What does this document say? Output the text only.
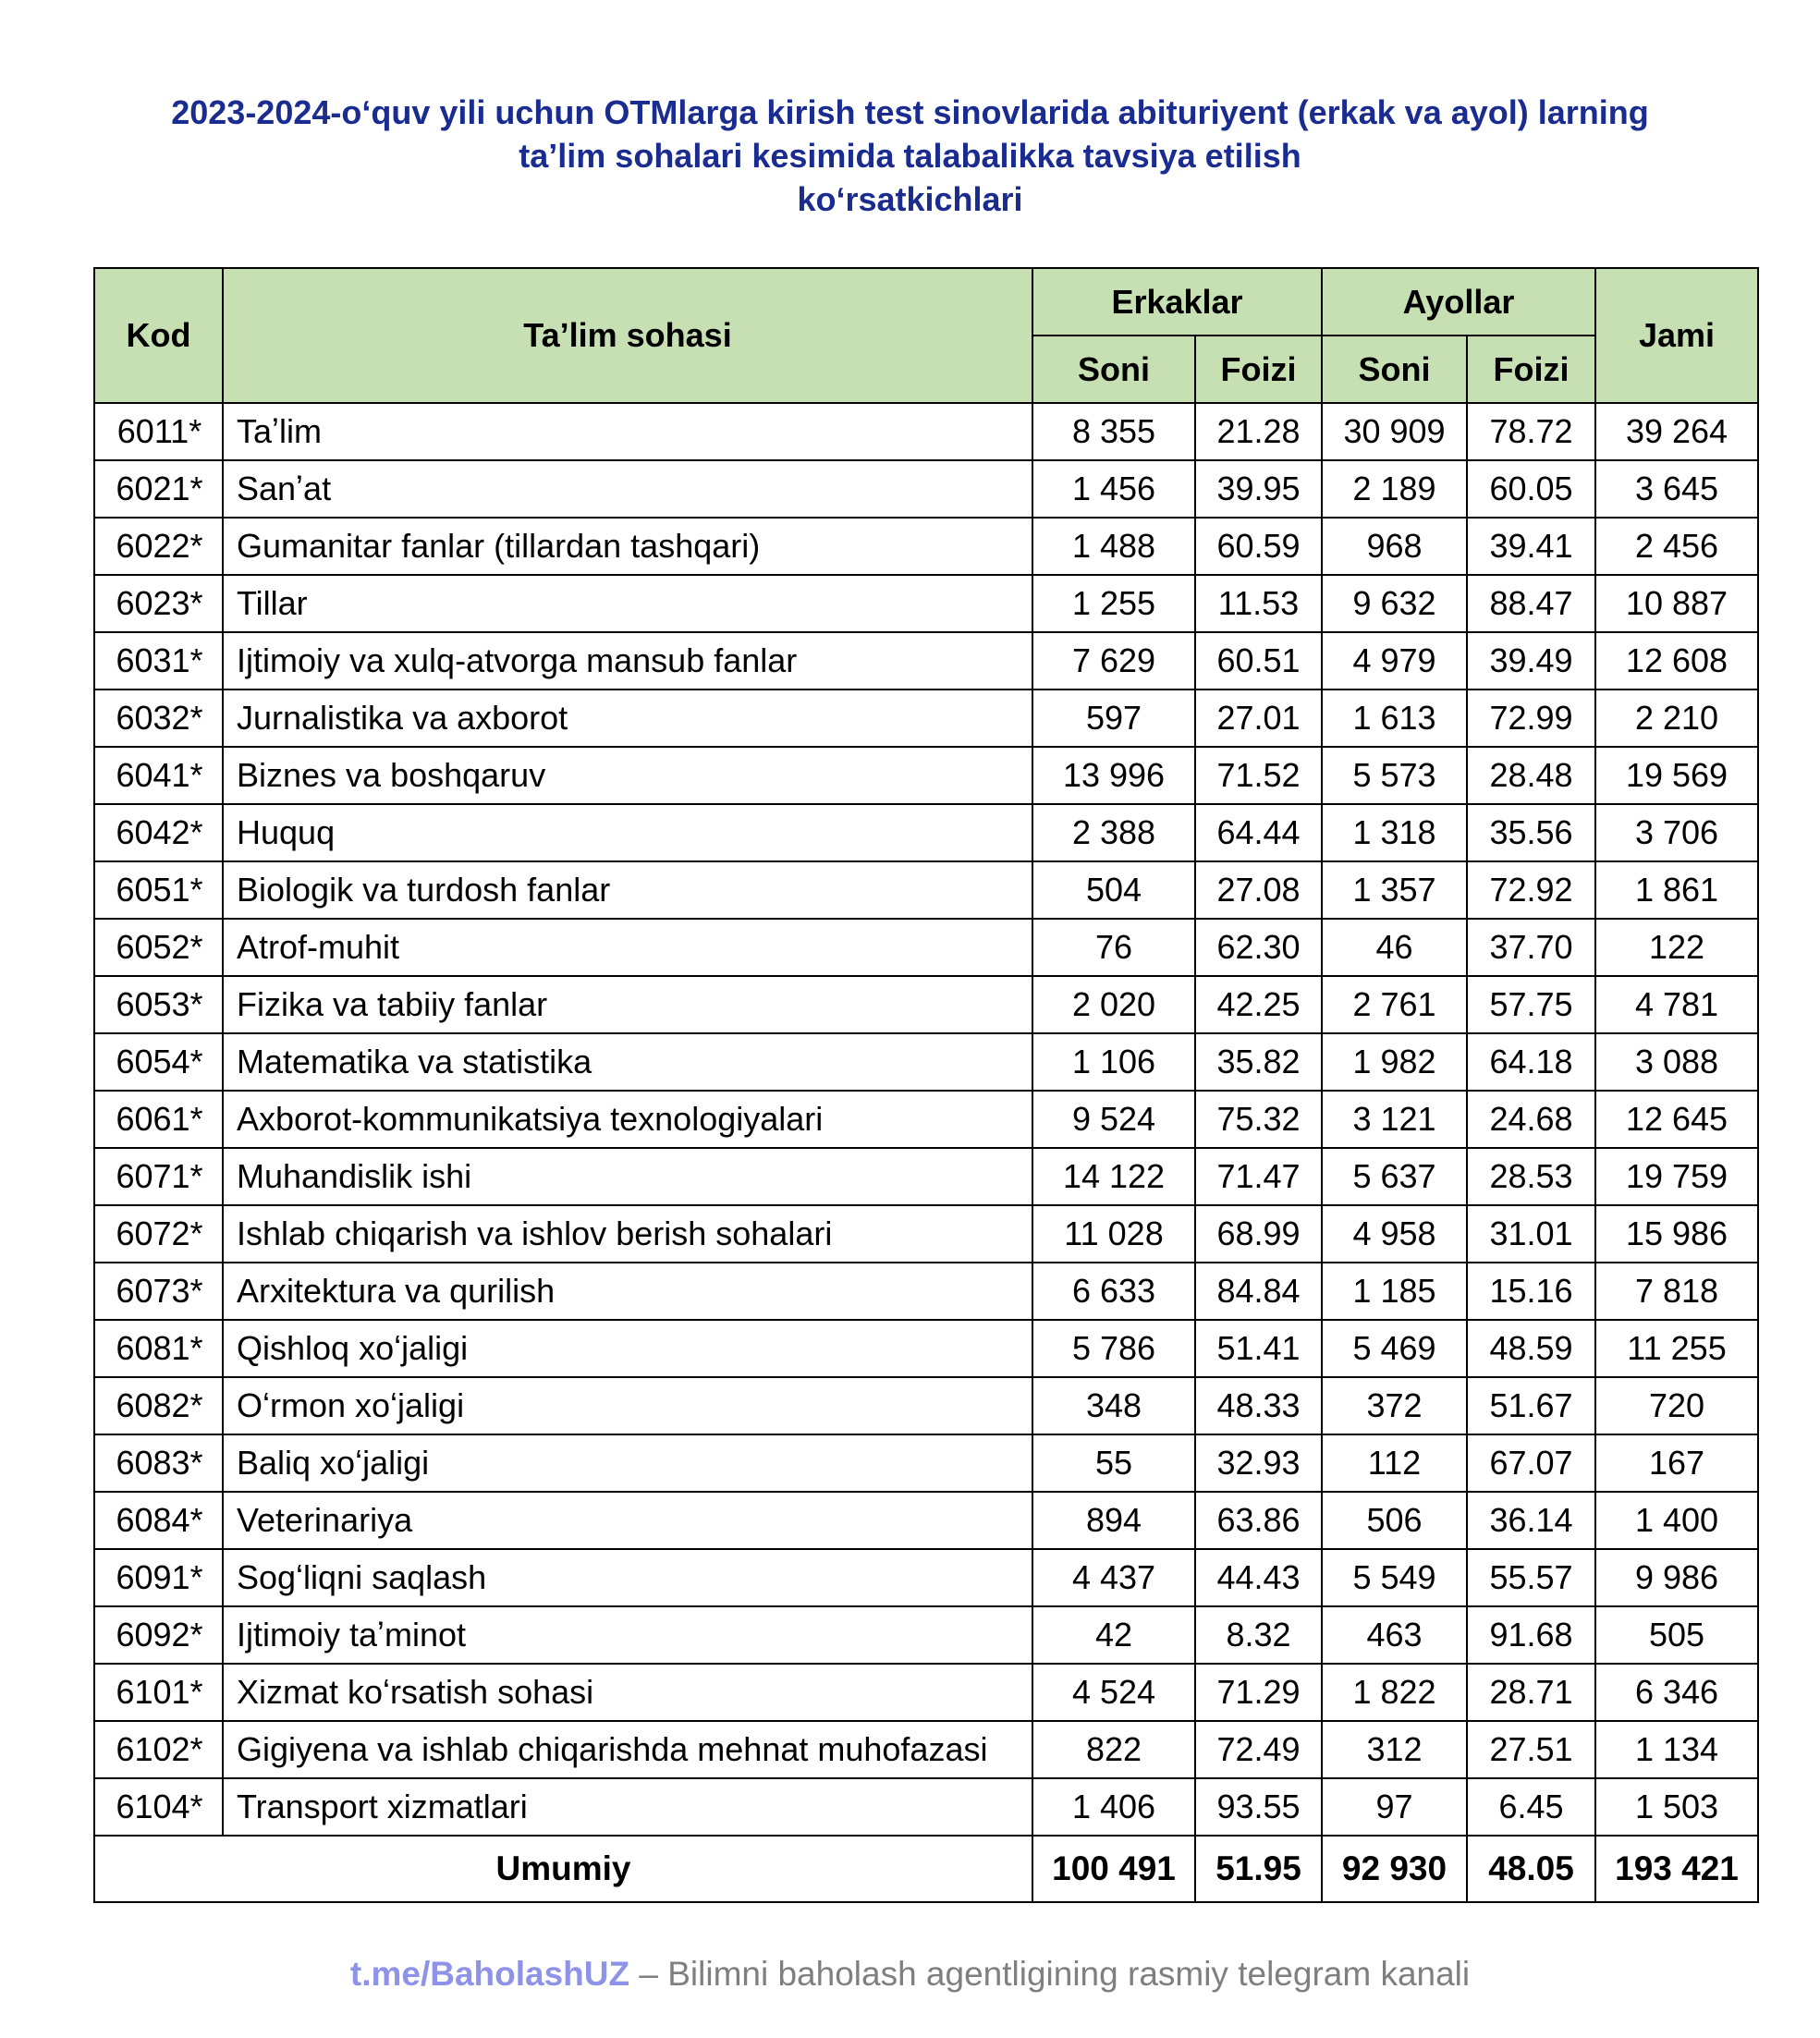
2023-2024-oʻquv yili uchun OTMlarga kirish test sinovlarida abituriyent (erkak va ayol) larning
taʼlim sohalari kesimida talabalikka tavsiya etilish
koʻrsatkichlari
Kod	Taʼlim sohasi	Erkaklar		Ayollar		Jami
		Soni	Foizi	Soni	Foizi	
6011*	Taʼlim	8 355	21.28	30 909	78.72	39 264
6021*	Sanʼat	1 456	39.95	2 189	60.05	3 645
6022*	Gumanitar fanlar (tillardan tashqari)	1 488	60.59	968	39.41	2 456
6023*	Tillar	1 255	11.53	9 632	88.47	10 887
6031*	Ijtimoiy va xulq-atvorga mansub fanlar	7 629	60.51	4 979	39.49	12 608
6032*	Jurnalistika va axborot	597	27.01	1 613	72.99	2 210
6041*	Biznes va boshqaruv	13 996	71.52	5 573	28.48	19 569
6042*	Huquq	2 388	64.44	1 318	35.56	3 706
6051*	Biologik va turdosh fanlar	504	27.08	1 357	72.92	1 861
6052*	Atrof-muhit	76	62.30	46	37.70	122
6053*	Fizika va tabiiy fanlar	2 020	42.25	2 761	57.75	4 781
6054*	Matematika va statistika	1 106	35.82	1 982	64.18	3 088
6061*	Axborot-kommunikatsiya texnologiyalari	9 524	75.32	3 121	24.68	12 645
6071*	Muhandislik ishi	14 122	71.47	5 637	28.53	19 759
6072*	Ishlab chiqarish va ishlov berish sohalari	11 028	68.99	4 958	31.01	15 986
6073*	Arxitektura va qurilish	6 633	84.84	1 185	15.16	7 818
6081*	Qishloq xoʻjaligi	5 786	51.41	5 469	48.59	11 255
6082*	Oʻrmon xoʻjaligi	348	48.33	372	51.67	720
6083*	Baliq xoʻjaligi	55	32.93	112	67.07	167
6084*	Veterinariya	894	63.86	506	36.14	1 400
6091*	Sogʻliqni saqlash	4 437	44.43	5 549	55.57	9 986
6092*	Ijtimoiy taʼminot	42	8.32	463	91.68	505
6101*	Xizmat koʻrsatish sohasi	4 524	71.29	1 822	28.71	6 346
6102*	Gigiyena va ishlab chiqarishda mehnat muhofazasi	822	72.49	312	27.51	1 134
6104*	Transport xizmatlari	1 406	93.55	97	6.45	1 503
Umumiy		100 491	51.95	92 930	48.05	193 421
t.me/BaholashUZ – Bilimni baholash agentligining rasmiy telegram kanali
